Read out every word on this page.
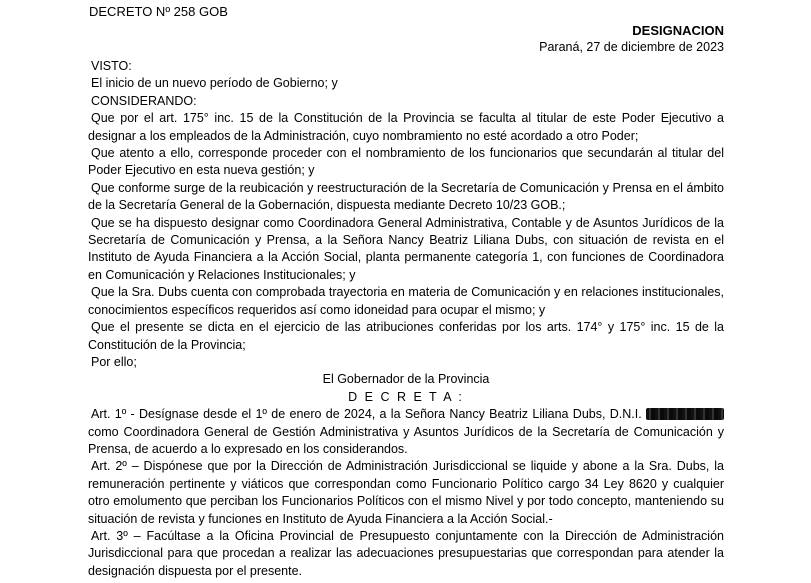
DECRETO Nº 258 GOB
DESIGNACION
Paraná, 27 de diciembre de 2023

VISTO:

El inicio de un nuevo período de Gobierno; y

CONSIDERANDO:

Que por el art. 175° inc. 15 de la Constitución de la Provincia se faculta al titular de este Poder Ejecutivo a designar a los empleados de la Administración, cuyo nombramiento no esté acordado a otro Poder;

Que atento a ello, corresponde proceder con el nombramiento de los funcionarios que secundarán al titular del Poder Ejecutivo en esta nueva gestión; y

Que conforme surge de la reubicación y reestructuración de la Secretaría de Comunicación y Prensa en el ámbito de la Secretaría General de la Gobernación, dispuesta mediante Decreto 10/23 GOB.;

Que se ha dispuesto designar como Coordinadora General Administrativa, Contable y de Asuntos Jurídicos de la Secretaría de Comunicación y Prensa, a la Señora Nancy Beatriz Liliana Dubs, con situación de revista en el Instituto de Ayuda Financiera a la Acción Social, planta permanente categoría 1, con funciones de Coordinadora en Comunicación y Relaciones Institucionales; y

Que la Sra. Dubs cuenta con comprobada trayectoria en materia de Comunicación y en relaciones institucionales, conocimientos específicos requeridos así como idoneidad para ocupar el mismo; y

Que el presente se dicta en el ejercicio de las atribuciones conferidas por los arts. 174° y 175° inc. 15 de la Constitución de la Provincia;

Por ello;

El Gobernador de la Provincia

D E C R E T A :

Art. 1º - Desígnase desde el 1º de enero de 2024, a la Señora Nancy Beatriz Liliana Dubs, D.N.I.  como Coordinadora General de Gestión Administrativa y Asuntos Jurídicos de la Secretaría de Comunicación y Prensa, de acuerdo a lo expresado en los considerandos.

Art. 2º – Dispónese que por la Dirección de Administración Jurisdiccional se liquide y abone a la Sra. Dubs, la remuneración pertinente y viáticos que correspondan como Funcionario Político cargo 34 Ley 8620 y cualquier otro emolumento que perciban los Funcionarios Políticos con el mismo Nivel y por todo concepto, manteniendo su situación de revista y funciones en Instituto de Ayuda Financiera a la Acción Social.-

Art. 3º – Facúltase a la Oficina Provincial de Presupuesto conjuntamente con la Dirección de Administración Jurisdiccional para que procedan a realizar las adecuaciones presupuestarias que correspondan para atender la designación dispuesta por el presente.
